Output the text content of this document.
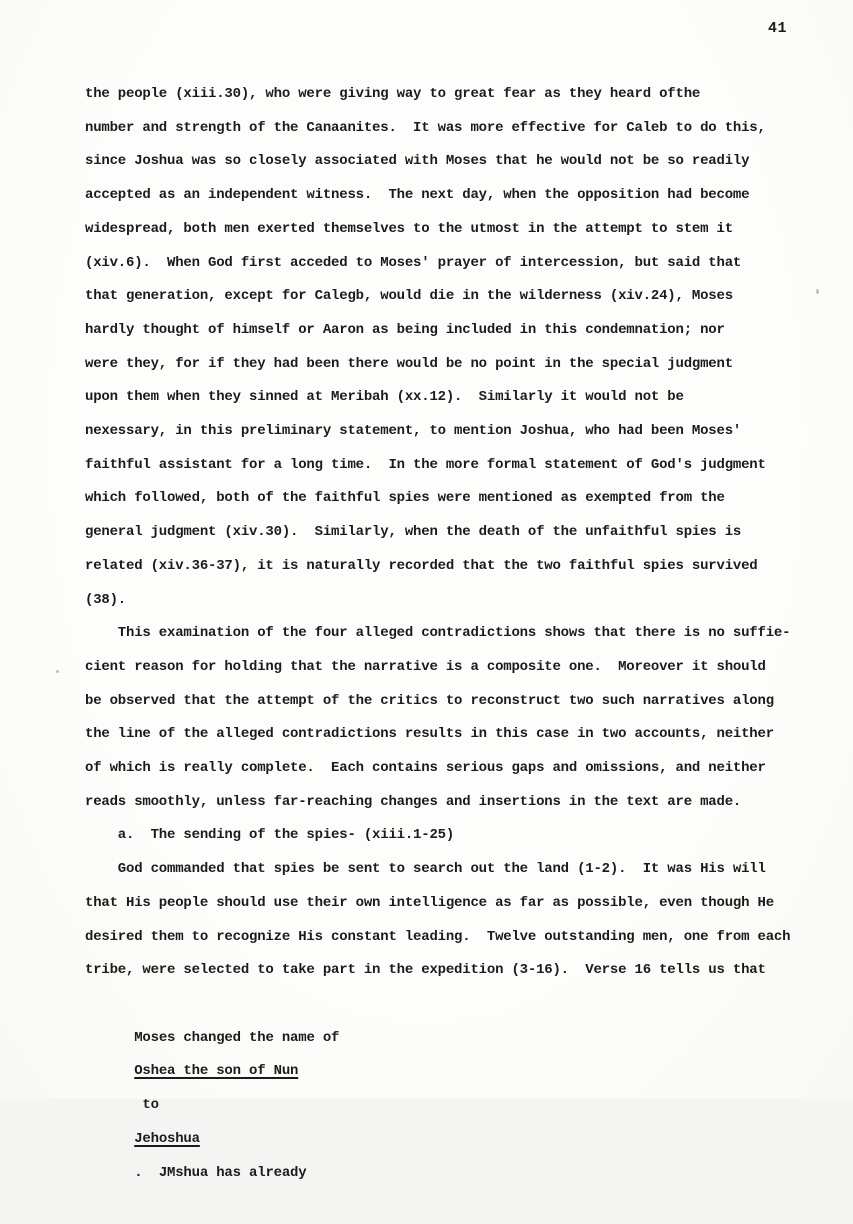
41
the people (xiii.30), who were giving way to great fear as they heard ofthe
number and strength of the Canaanites.  It was more effective for Caleb to do this,
since Joshua was so closely associated with Moses that he would not be so readily
accepted as an independent witness.  The next day, when the opposition had become
widespread, both men exerted themselves to the utmost in the attempt to stem it
(xiv.6).  When God first acceded to Moses' prayer of intercession, but said that
that generation, except for Calegb, would die in the wilderness (xiv.24), Moses
hardly thought of himself or Aaron as being included in this condemnation; nor
were they, for if they had been there would be no point in the special judgment
upon them when they sinned at Meribah (xx.12).  Similarly it would not be
nexessary, in this preliminary statement, to mention Joshua, who had been Moses'
faithful assistant for a long time.  In the more formal statement of God's judgment
which followed, both of the faithful spies were mentioned as exempted from the
general judgment (xiv.30).  Similarly, when the death of the unfaithful spies is
related (xiv.36-37), it is naturally recorded that the two faithful spies survived
(38).
This examination of the four alleged contradictions shows that there is no suffie-
cient reason for holding that the narrative is a composite one.  Moreover it should
be observed that the attempt of the critics to reconstruct two such narratives along
the line of the alleged contradictions results in this case in two accounts, neither
of which is really complete.  Each contains serious gaps and omissions, and neither
reads smoothly, unless far-reaching changes and insertions in the text are made.
a.  The sending of the spies- (xiii.1-25)
God commanded that spies be sent to search out the land (1-2).  It was His will
that His people should use their own intelligence as far as possible, even though He
desired them to recognize His constant leading.  Twelve outstanding men, one from each
tribe, were selected to take part in the expedition (3-16).  Verse 16 tells us that

Moses changed the name of
Oshea the son of Nun
to
Jehoshua
.  JMshua has already
